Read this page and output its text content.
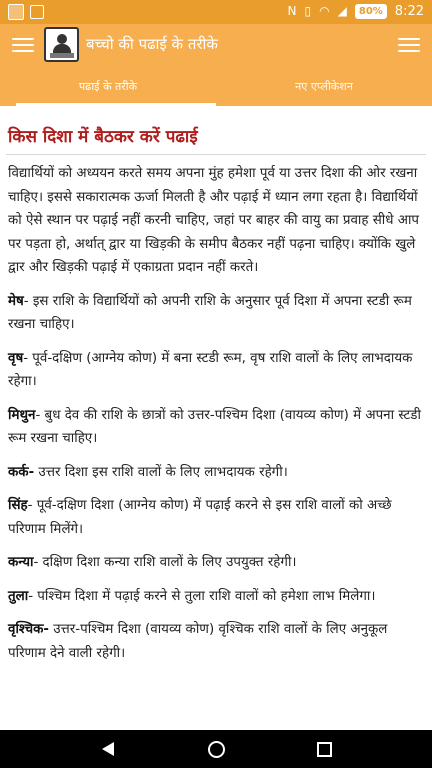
N ▯ ◠ ◢	80% 8:22
बच्चो की पढाई के तरीके
पढाई के तरीके	नए एप्लीकेशन
किस दिशा में बैठकर करें पढाई

विद्यार्थियों को अध्ययन करते समय अपना मुंह हमेशा पूर्व या उत्तर दिशा की ओर रखना चाहिए। इससे सकारात्मक ऊर्जा मिलती है और पढ़ाई में ध्यान लगा रहता है। विद्यार्थियों को ऐसे स्थान पर पढ़ाई नहीं करनी चाहिए, जहां पर बाहर की वायु का प्रवाह सीधे आप पर पड़ता हो, अर्थात् द्वार या खिड़की के समीप बैठकर नहीं पढ़ना चाहिए। क्योंकि खुले द्वार और खिड़की पढ़ाई में एकाग्रता प्रदान नहीं करते।

मेष- इस राशि के विद्यार्थियों को अपनी राशि के अनुसार पूर्व दिशा में अपना स्टडी रूम रखना चाहिए।

वृष- पूर्व-दक्षिण (आग्नेय कोण) में बना स्टडी रूम, वृष राशि वालों के लिए लाभदायक रहेगा।

मिथुन- बुध देव की राशि के छात्रों को उत्तर-पश्चिम दिशा (वायव्य कोण) में अपना स्टडी रूम रखना चाहिए।

कर्क- उत्तर दिशा इस राशि वालों के लिए लाभदायक रहेगी।

सिंह- पूर्व-दक्षिण दिशा (आग्नेय कोण) में पढ़ाई करने से इस राशि वालों को अच्छे परिणाम मिलेंगे।

कन्या- दक्षिण दिशा कन्या राशि वालों के लिए उपयुक्त रहेगी।

तुला- पश्चिम दिशा में पढ़ाई करने से तुला राशि वालों को हमेशा लाभ मिलेगा।

वृश्चिक- उत्तर-पश्चिम दिशा (वायव्य कोण) वृश्चिक राशि वालों के लिए अनुकूल परिणाम देने वाली रहेगी।
